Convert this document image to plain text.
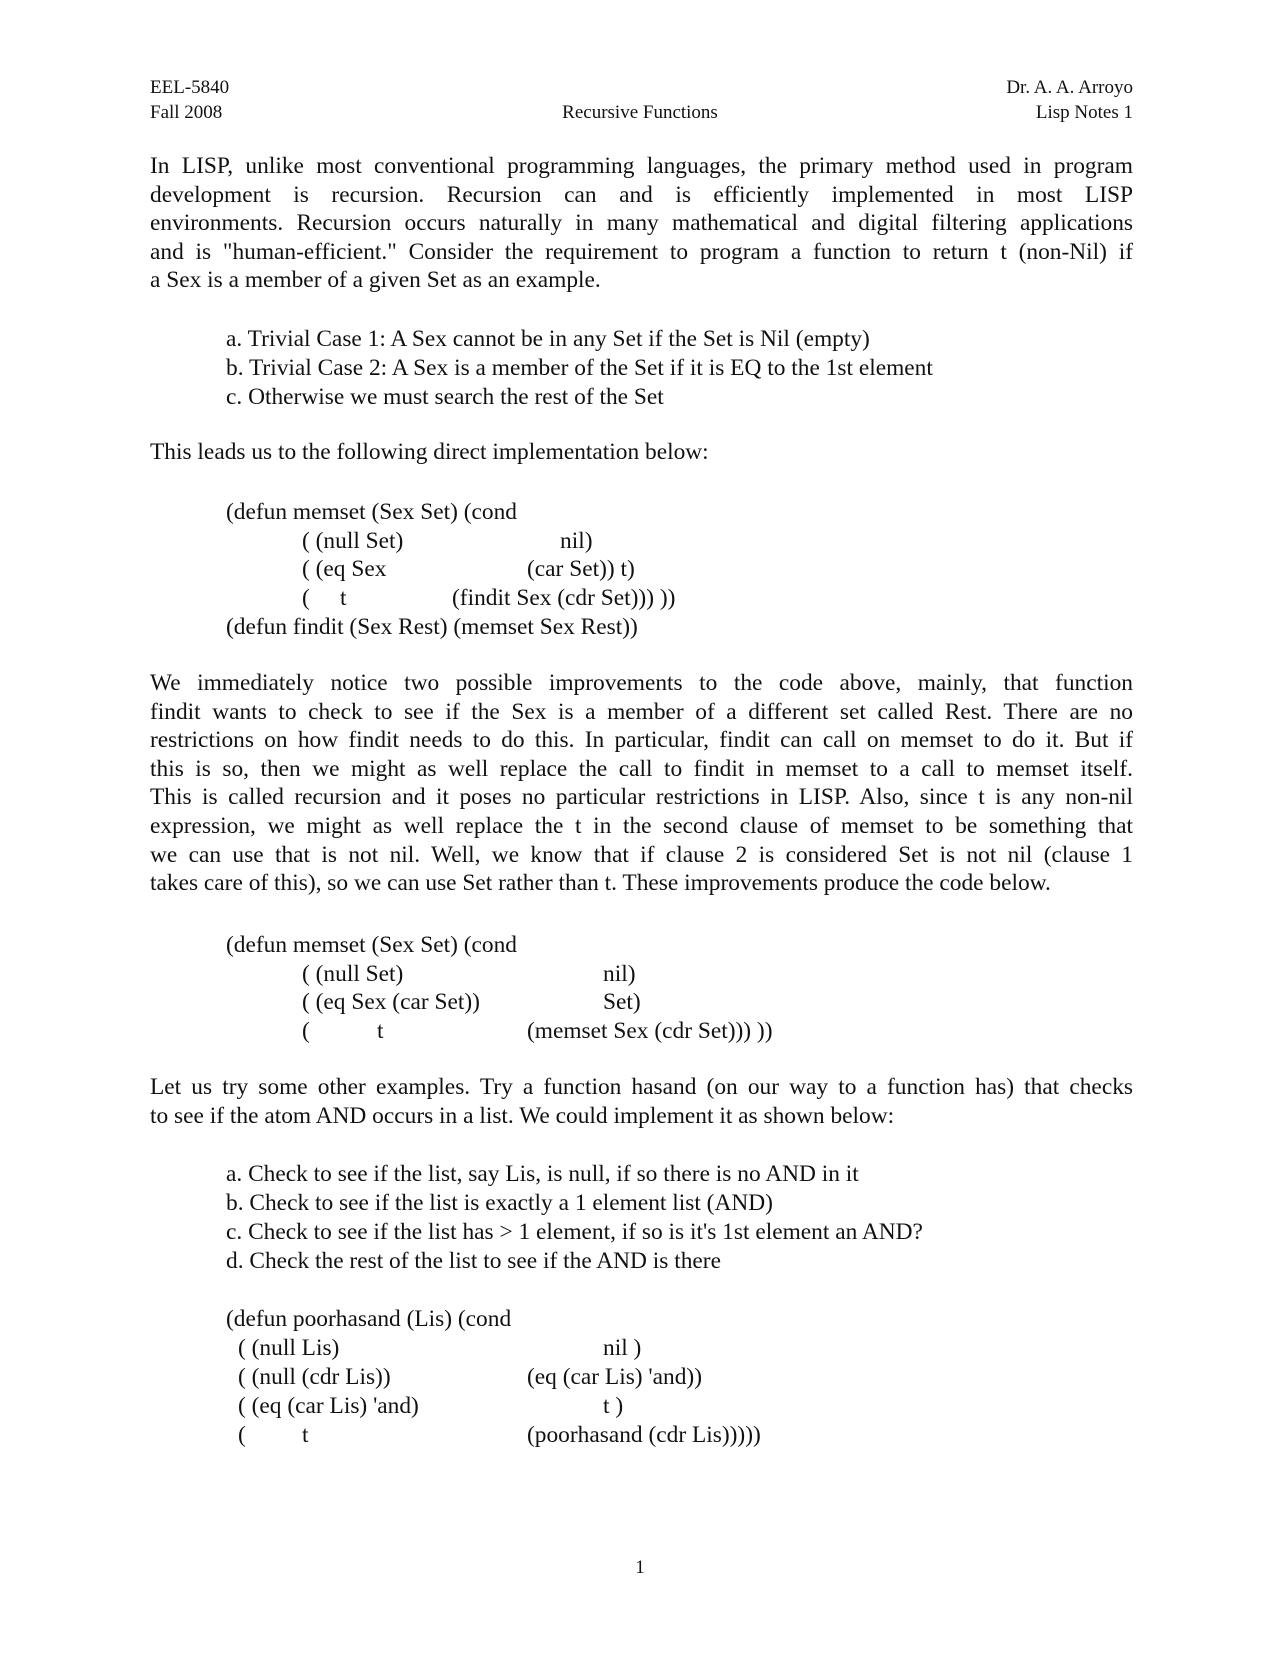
EEL-5840
Fall 2008	Recursive Functions
Dr. A. A. Arroyo
Lisp Notes 1
In LISP, unlike most conventional programming languages, the primary method used in program
development is recursion. Recursion can and is efficiently implemented in most LISP
environments. Recursion occurs naturally in many mathematical and digital filtering applications
and is "human-efficient." Consider the requirement to program a function to return t (non-Nil) if
a Sex is a member of a given Set as an example.
a. Trivial Case 1: A Sex cannot be in any Set if the Set is Nil (empty)
b. Trivial Case 2: A Sex is a member of the Set if it is EQ to the 1st element
c. Otherwise we must search the rest of the Set
This leads us to the following direct implementation below:
(defun memset (Sex Set) (cond
( (null Set)	nil)
( (eq Sex	(car Set)) t)
( t	(findit Sex (cdr Set))) ))
(defun findit (Sex Rest) (memset Sex Rest))
We immediately notice two possible improvements to the code above, mainly, that function
findit wants to check to see if the Sex is a member of a different set called Rest. There are no
restrictions on how findit needs to do this. In particular, findit can call on memset to do it. But if
this is so, then we might as well replace the call to findit in memset to a call to memset itself.
This is called recursion and it poses no particular restrictions in LISP. Also, since t is any non-nil
expression, we might as well replace the t in the second clause of memset to be something that
we can use that is not nil. Well, we know that if clause 2 is considered Set is not nil (clause 1
takes care of this), so we can use Set rather than t. These improvements produce the code below.
(defun memset (Sex Set) (cond
( (null Set)	nil)
( (eq Sex (car Set))	Set)
(	t	(memset Sex (cdr Set))) ))
Let us try some other examples. Try a function hasand (on our way to a function has) that checks
to see if the atom AND occurs in a list. We could implement it as shown below:
a. Check to see if the list, say Lis, is null, if so there is no AND in it
b. Check to see if the list is exactly a 1 element list (AND)
c. Check to see if the list has > 1 element, if so is it's 1st element an AND?
d. Check the rest of the list to see if the AND is there
(defun poorhasand (Lis) (cond
( (null Lis)	nil )
( (null (cdr Lis))	(eq (car Lis) 'and))
( (eq (car Lis) 'and)	t )
( t	(poorhasand (cdr Lis)))))
1
